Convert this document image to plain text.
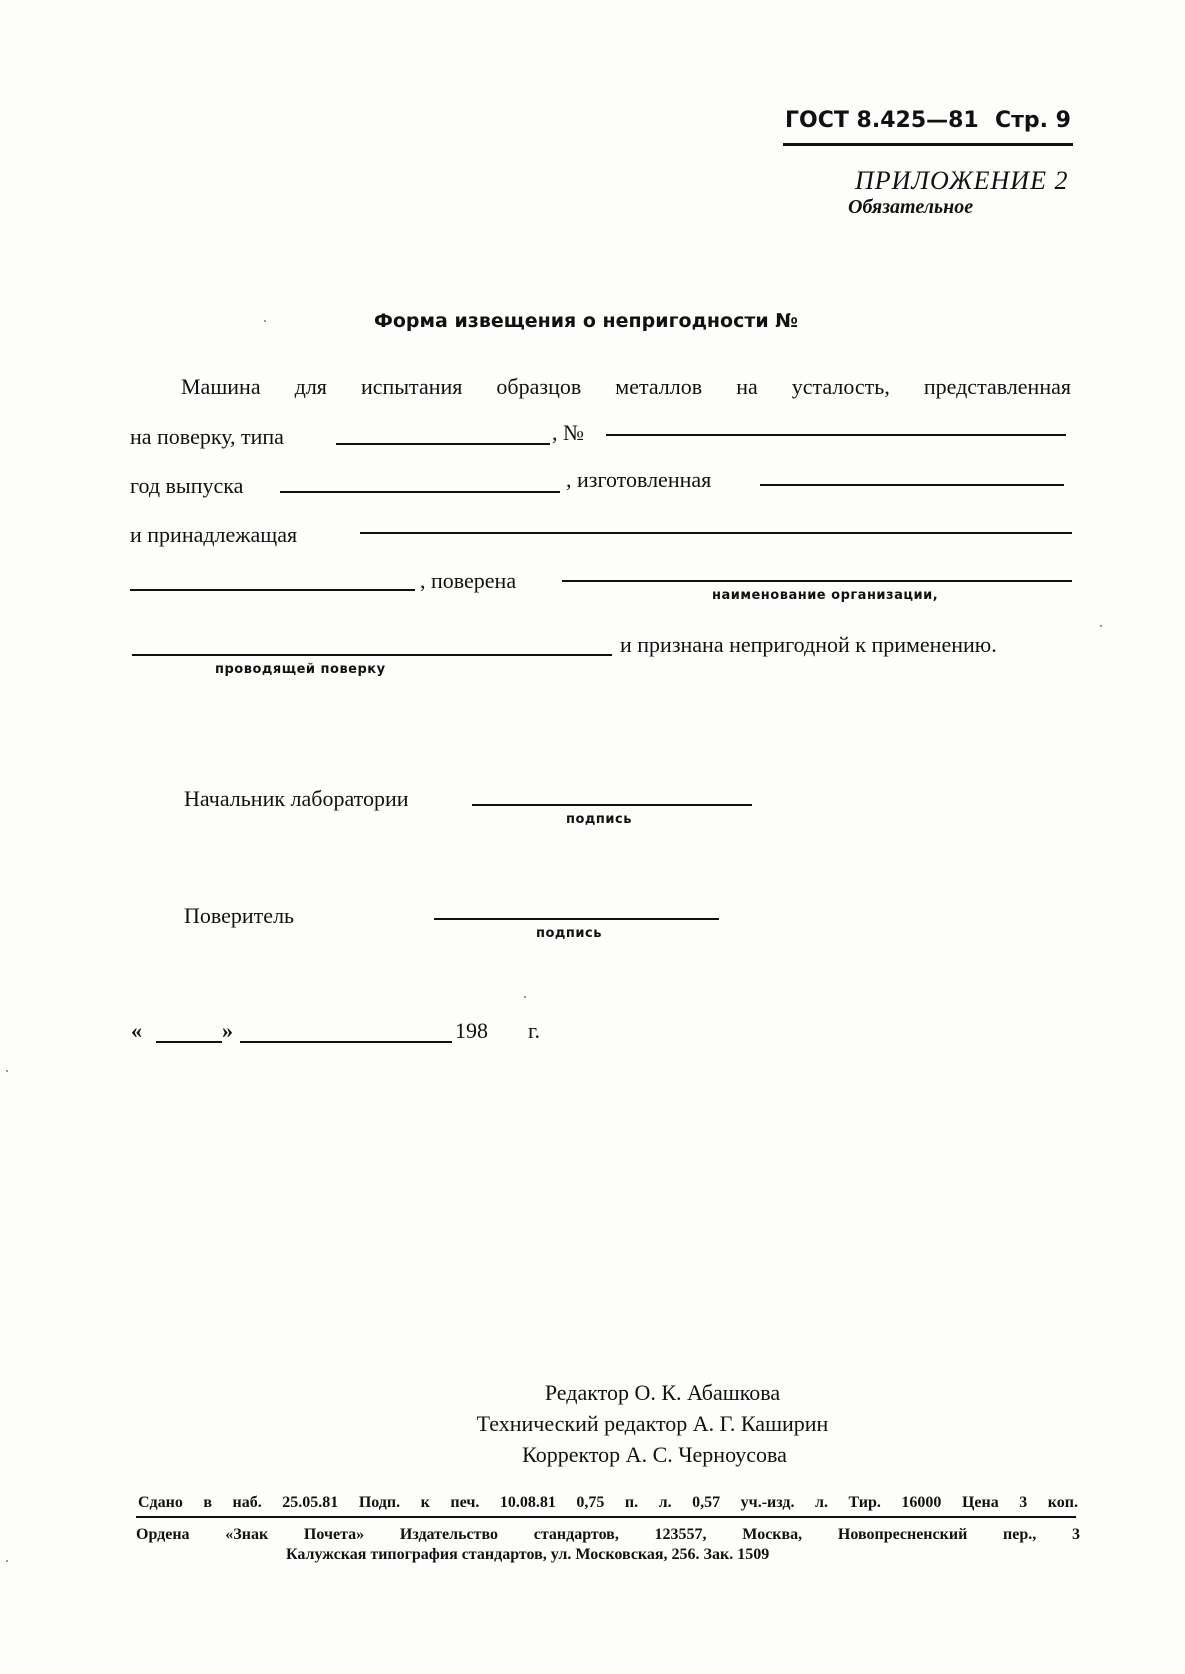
ГОСТ 8.425—81 Стр. 9
ПРИЛОЖЕНИЕ 2
Обязательное
Форма извещения о непригодности №
Машина для испытания образцов металлов на усталость, представленная
на поверку, типа	, №
год выпуска	, изготовленная
и принадлежащая
, поверена
наименование организации,
и признана непригодной к применению.
проводящей поверку
Начальник лаборатории
подпись
Поверитель
подпись
«	»	198 г.
Редактор О. К. Абашкова
Технический редактор А. Г. Каширин
Корректор А. С. Черноусова
Сдано в наб. 25.05.81 Подп. к печ. 10.08.81 0,75 п. л. 0,57 уч.-изд. л. Тир. 16000 Цена 3 коп.
Ордена «Знак Почета» Издательство стандартов, 123557, Москва, Новопресненский пер., 3
Калужская типография стандартов, ул. Московская, 256. Зак. 1509
